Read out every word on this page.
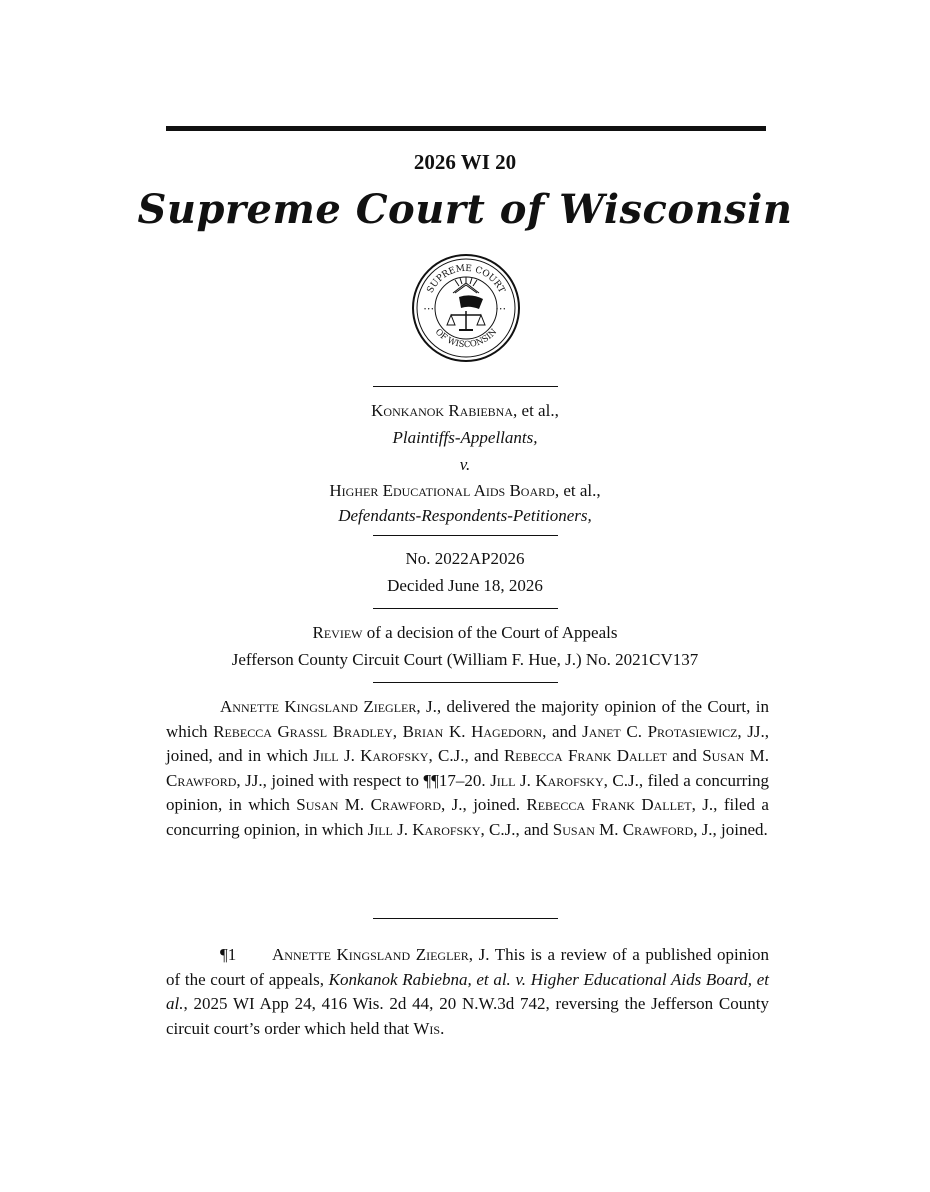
2026 WI 20
Supreme Court of Wisconsin
SUPREME COURT
OF WISCONSIN
• • •	• • •
Konkanok Rabiebna, et al.,
Plaintiffs-Appellants,
v.
Higher Educational Aids Board, et al.,
Defendants-Respondents-Petitioners,
No. 2022AP2026
Decided June 18, 2026
Review of a decision of the Court of Appeals
Jefferson County Circuit Court (William F. Hue, J.) No. 2021CV137
Annette Kingsland Ziegler, J., delivered the majority opinion of the Court, in which Rebecca Grassl Bradley, Brian K. Hagedorn, and Janet C. Protasiewicz, JJ., joined, and in which Jill J. Karofsky, C.J., and Rebecca Frank Dallet and Susan M. Crawford, JJ., joined with respect to ¶¶17–20. Jill J. Karofsky, C.J., filed a concurring opinion, in which Susan M. Crawford, J., joined. Rebecca Frank Dallet, J., filed a concurring opinion, in which Jill J. Karofsky, C.J., and Susan M. Crawford, J., joined.
¶1 Annette Kingsland Ziegler, J. This is a review of a published opinion of the court of appeals, Konkanok Rabiebna, et al. v. Higher Educational Aids Board, et al., 2025 WI App 24, 416 Wis. 2d 44, 20 N.W.3d 742, reversing the Jefferson County circuit court’s order which held that Wis.
